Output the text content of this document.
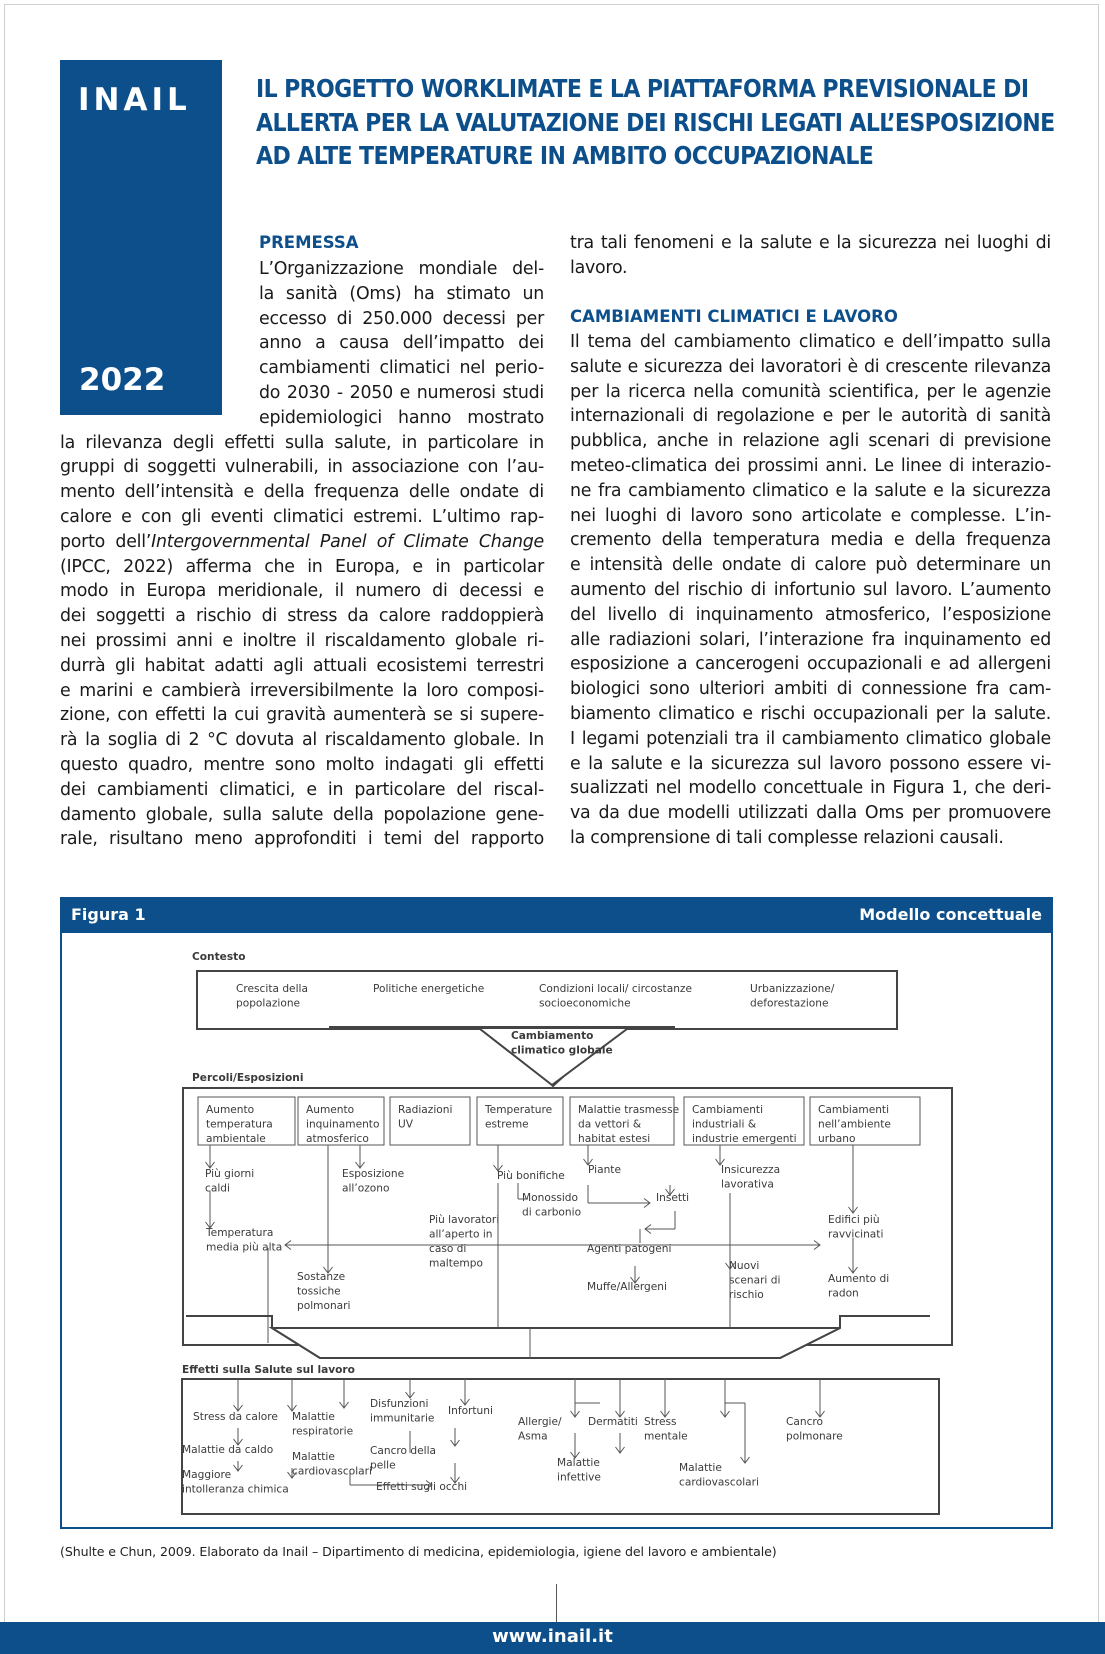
INAIL
2022
IL PROGETTO WORKLIMATE E LA PIATTAFORMA PREVISIONALE DI
ALLERTA PER LA VALUTAZIONE DEI RISCHI LEGATI ALL’ESPOSIZIONE
AD ALTE TEMPERATURE IN AMBITO OCCUPAZIONALE
PREMESSA
L’Organizzazione mondiale del-
la sanità (Oms) ha stimato un
eccesso di 250.000 decessi per
anno a causa dell’impatto dei
cambiamenti climatici nel perio-
do 2030 - 2050 e numerosi studi
epidemiologici hanno mostrato
la rilevanza degli effetti sulla salute, in particolare in
gruppi di soggetti vulnerabili, in associazione con l’au-
mento dell’intensità e della frequenza delle ondate di
calore e con gli eventi climatici estremi. L’ultimo rap-
porto dell’Intergovernmental Panel of Climate Change
(IPCC, 2022) afferma che in Europa, e in particolar
modo in Europa meridionale, il numero di decessi e
dei soggetti a rischio di stress da calore raddoppierà
nei prossimi anni e inoltre il riscaldamento globale ri-
durrà gli habitat adatti agli attuali ecosistemi terrestri
e marini e cambierà irreversibilmente la loro composi-
zione, con effetti la cui gravità aumenterà se si supere-
rà la soglia di 2 °C dovuta al riscaldamento globale. In
questo quadro, mentre sono molto indagati gli effetti
dei cambiamenti climatici, e in particolare del riscal-
damento globale, sulla salute della popolazione gene-
rale, risultano meno approfonditi i temi del rapporto
tra tali fenomeni e la salute e la sicurezza nei luoghi di
lavoro.
CAMBIAMENTI CLIMATICI E LAVORO
Il tema del cambiamento climatico e dell’impatto sulla
salute e sicurezza dei lavoratori è di crescente rilevanza
per la ricerca nella comunità scientifica, per le agenzie
internazionali di regolazione e per le autorità di sanità
pubblica, anche in relazione agli scenari di previsione
meteo-climatica dei prossimi anni. Le linee di interazio-
ne fra cambiamento climatico e la salute e la sicurezza
nei luoghi di lavoro sono articolate e complesse. L’in-
cremento della temperatura media e della frequenza
e intensità delle ondate di calore può determinare un
aumento del rischio di infortunio sul lavoro. L’aumento
del livello di inquinamento atmosferico, l’esposizione
alle radiazioni solari, l’interazione fra inquinamento ed
esposizione a cancerogeni occupazionali e ad allergeni
biologici sono ulteriori ambiti di connessione fra cam-
biamento climatico e rischi occupazionali per la salute.
I legami potenziali tra il cambiamento climatico globale
e la salute e la sicurezza sul lavoro possono essere vi-
sualizzati nel modello concettuale in Figura 1, che deri-
va da due modelli utilizzati dalla Oms per promuovere
la comprensione di tali complesse relazioni causali.
Figura 1	Modello concettuale
Contesto
Crescita della popolazione
Politiche energetiche	Condizioni locali/ circostanze socioeconomiche
Urbanizzazione/ deforestazione
Cambiamento climatico globale
Percoli/Esposizioni
Aumento temperatura ambientale
Aumento inquinamento atmosferico
Radiazioni UV
Temperature estreme
Malattie trasmesse da vettori & habitat estesi
Cambiamenti industriali & industrie emergenti
Cambiamenti nell’ambiente urbano
Più giorni caldi
Esposizione all’ozono
Più bonifiche Piante	Insicurezza lavorativa
Monossido di carbonio
Insetti
Più lavoratori all’aperto in caso di maltempo
Temperatura media più alta
Edifici più ravvicinati
Agenti patogeni
Nuovi scenari di rischio
Sostanze tossiche polmonari
Muffe/Allergeni
Aumento di radon
Effetti sulla Salute sul lavoro
Stress da calore Malattie respiratorie
Disfunzioni immunitarie
Infortuni
Allergie/ Asma
Dermatiti Stress mentale
Cancro polmonare
Malattie da caldo
Malattie cardiovascolari
Cancro della pelle	Malattie infettive
Malattie cardiovascolari
Maggiore intolleranza chimica	Effetti sugli occhi
(Shulte e Chun, 2009. Elaborato da Inail – Dipartimento di medicina, epidemiologia, igiene del lavoro e ambientale)
www.inail.it
